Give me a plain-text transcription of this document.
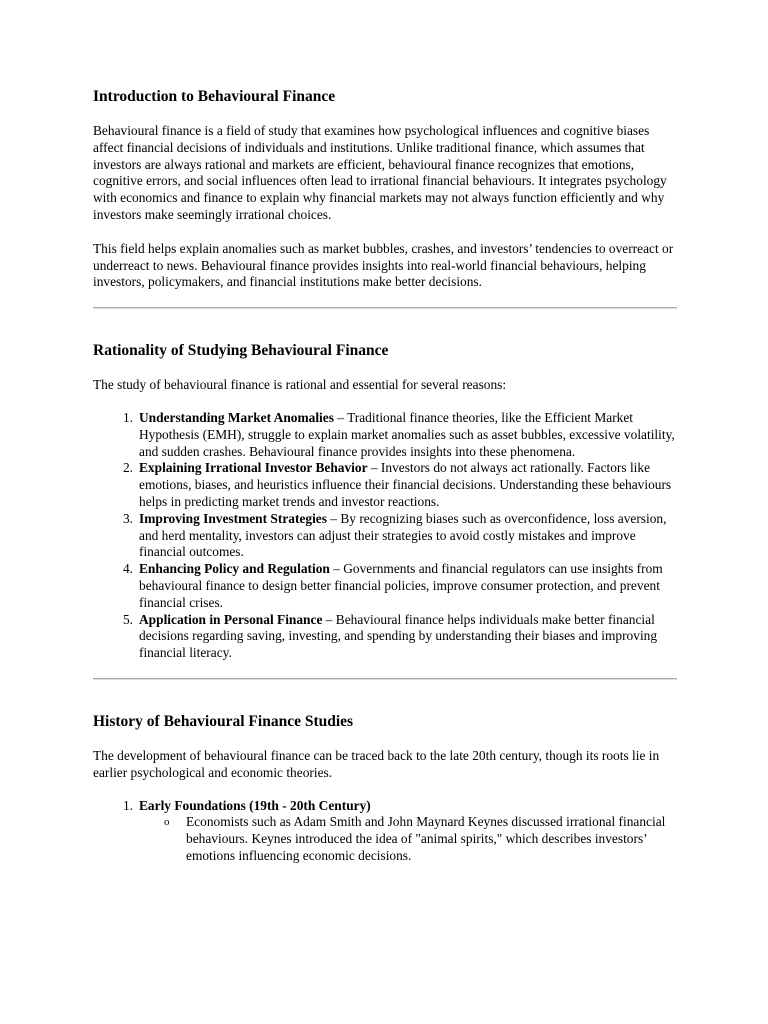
Introduction to Behavioural Finance

Behavioural finance is a field of study that examines how psychological influences and cognitive biases affect financial decisions of individuals and institutions. Unlike traditional finance, which assumes that investors are always rational and markets are efficient, behavioural finance recognizes that emotions, cognitive errors, and social influences often lead to irrational financial behaviours. It integrates psychology with economics and finance to explain why financial markets may not always function efficiently and why investors make seemingly irrational choices.

This field helps explain anomalies such as market bubbles, crashes, and investors’ tendencies to overreact or underreact to news. Behavioural finance provides insights into real-world financial behaviours, helping investors, policymakers, and financial institutions make better decisions.

Rationality of Studying Behavioural Finance

The study of behavioural finance is rational and essential for several reasons:

1. Understanding Market Anomalies – Traditional finance theories, like the Efficient Market Hypothesis (EMH), struggle to explain market anomalies such as asset bubbles, excessive volatility, and sudden crashes. Behavioural finance provides insights into these phenomena.
2. Explaining Irrational Investor Behavior – Investors do not always act rationally. Factors like emotions, biases, and heuristics influence their financial decisions. Understanding these behaviours helps in predicting market trends and investor reactions.
3. Improving Investment Strategies – By recognizing biases such as overconfidence, loss aversion, and herd mentality, investors can adjust their strategies to avoid costly mistakes and improve financial outcomes.
4. Enhancing Policy and Regulation – Governments and financial regulators can use insights from behavioural finance to design better financial policies, improve consumer protection, and prevent financial crises.
5. Application in Personal Finance – Behavioural finance helps individuals make better financial decisions regarding saving, investing, and spending by understanding their biases and improving financial literacy.
History of Behavioural Finance Studies

The development of behavioural finance can be traced back to the late 20th century, though its roots lie in earlier psychological and economic theories.

1. Early Foundations (19th - 20th Century)
o Economists such as Adam Smith and John Maynard Keynes discussed irrational financial behaviours. Keynes introduced the idea of "animal spirits," which describes investors’ emotions influencing economic decisions.
